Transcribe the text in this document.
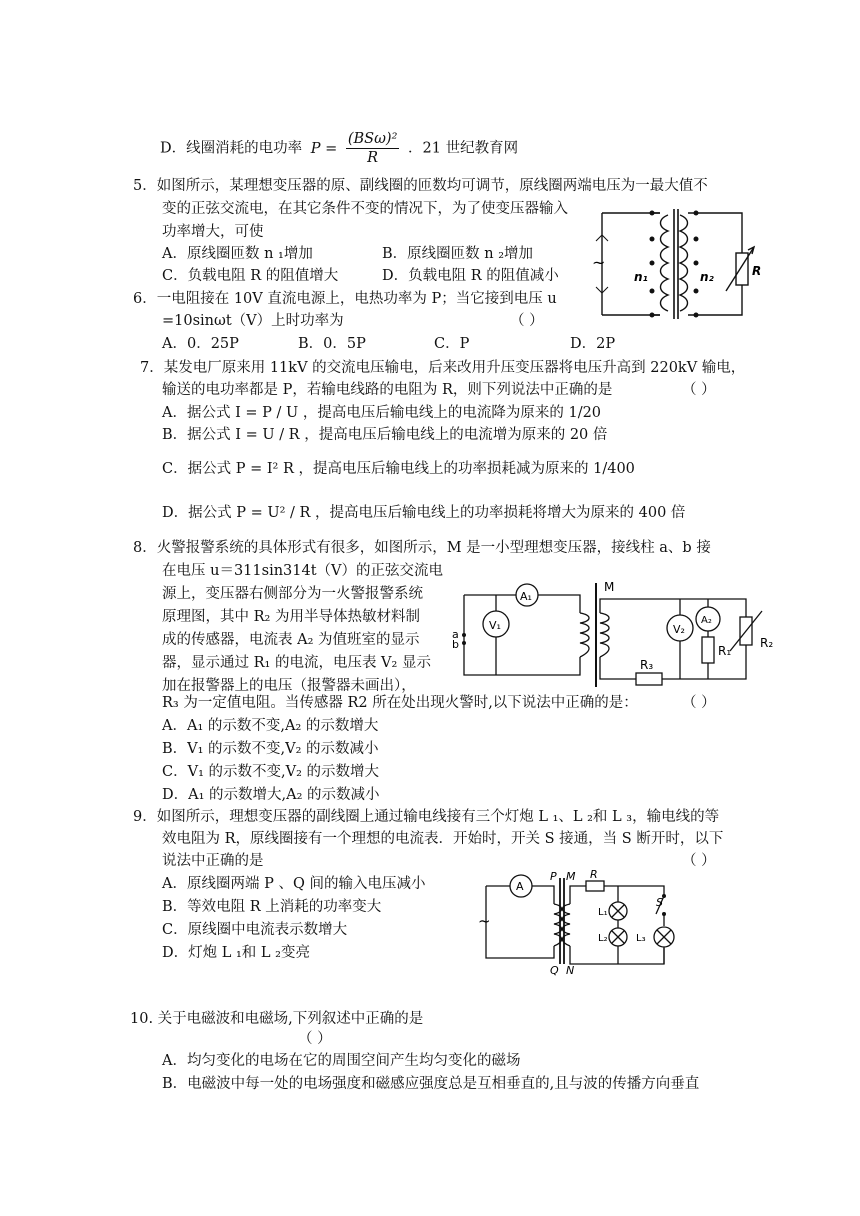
D．线圈消耗的电功率 $P = \frac{\text{(BSω)²}}{R}$ ．21 世纪教育网
5．如图所示，某理想变压器的原、副线圈的匝数均可调节，原线圈两端电压为一最大值不
变的正弦交流电，在其它条件不变的情况下，为了使变压器输入
功率增大，可使
A．原线圈匝数 n ₁增加	B．原线圈匝数 n ₂增加
C．负载电阻 R 的阻值增大	D．负载电阻 R 的阻值减小
~
n₁	n₂	R
6．一电阻接在 10V 直流电源上，电热功率为 P；当它接到电压 u
=10sinωt（V）上时功率为	（ ）
A．0．25P	B．0．5P	C．P	D．2P
7．某发电厂原来用 11kV 的交流电压输电，后来改用升压变压器将电压升高到 220kV 输电，
输送的电功率都是 P，若输电线路的电阻为 R，则下列说法中正确的是	（ ）
A．据公式 I = P / U ，提高电压后输电线上的电流降为原来的 1/20
B．据公式 I = U / R ，提高电压后输电线上的电流增为原来的 20 倍
C．据公式 P = I² R ，提高电压后输电线上的功率损耗减为原来的 1/400
D．据公式 P = U² / R ，提高电压后输电线上的功率损耗将增大为原来的 400 倍
8．火警报警系统的具体形式有很多，如图所示，M 是一小型理想变压器，接线柱 a、b 接
在电压 u＝311sin314t（V）的正弦交流电
源上，变压器右侧部分为一火警报警系统
原理图，其中 R₂ 为用半导体热敏材料制
成的传感器，电流表 A₂ 为值班室的显示
器，显示通过 R₁ 的电流，电压表 V₂ 显示
加在报警器上的电压（报警器未画出），
R₃ 为一定值电阻。当传感器 R2 所在处出现火警时,以下说法中正确的是：	（ ）
A．A₁ 的示数不变,A₂ 的示数增大
B．V₁ 的示数不变,V₂ 的示数减小
C．V₁ 的示数不变,V₂ 的示数增大
D．A₁ 的示数增大,A₂ 的示数减小
A₁
V₁
M
V₂
A₂
R₁
R₂
R₃
a
b
9．如图所示，理想变压器的副线圈上通过输电线接有三个灯炮 L ₁、L ₂和 L ₃，输电线的等
效电阻为 R，原线圈接有一个理想的电流表．开始时，开关 S 接通，当 S 断开时，以下
说法中正确的是	（ ）
A．原线圈两端 P 、Q 间的输入电压减小
B．等效电阻 R 上消耗的功率变大
C．原线圈中电流表示数增大
D．灯炮 L ₁和 L ₂变亮
A
~
P M R
S
L₁
L₂	L₃
Q N
10. 关于电磁波和电磁场,下列叙述中正确的是
（ ）
A．均匀变化的电场在它的周围空间产生均匀变化的磁场
B．电磁波中每一处的电场强度和磁感应强度总是互相垂直的,且与波的传播方向垂直
